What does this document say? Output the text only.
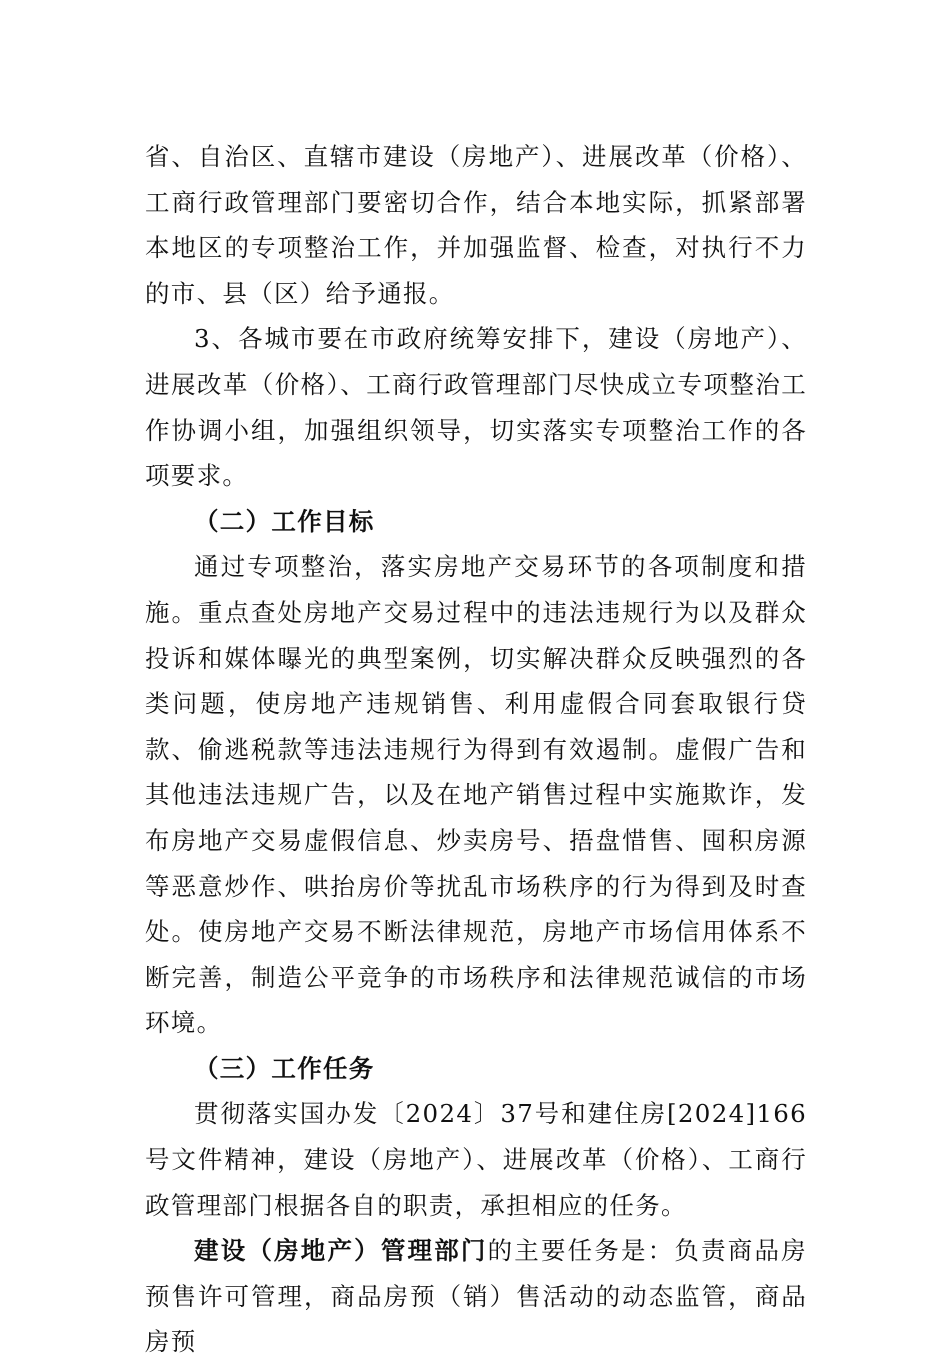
省、自治区、直辖市建设（房地产）、进展改革（价格）、工商行政管理部门要密切合作，结合本地实际，抓紧部署本地区的专项整治工作，并加强监督、检查，对执行不力的市、县（区）给予通报。

3、各城市要在市政府统筹安排下，建设（房地产）、进展改革（价格）、工商行政管理部门尽快成立专项整治工作协调小组，加强组织领导，切实落实专项整治工作的各项要求。

（二）工作目标

通过专项整治，落实房地产交易环节的各项制度和措施。重点查处房地产交易过程中的违法违规行为以及群众投诉和媒体曝光的典型案例，切实解决群众反映强烈的各类问题，使房地产违规销售、利用虚假合同套取银行贷款、偷逃税款等违法违规行为得到有效遏制。虚假广告和其他违法违规广告，以及在地产销售过程中实施欺诈，发布房地产交易虚假信息、炒卖房号、捂盘惜售、囤积房源等恶意炒作、哄抬房价等扰乱市场秩序的行为得到及时查处。使房地产交易不断法律规范，房地产市场信用体系不断完善，制造公平竞争的市场秩序和法律规范诚信的市场环境。

（三）工作任务

贯彻落实国办发〔2024〕37号和建住房[2024]166号文件精神，建设（房地产）、进展改革（价格）、工商行政管理部门根据各自的职责，承担相应的任务。

建设（房地产）管理部门的主要任务是：负责商品房预售许可管理，商品房预（销）售活动的动态监管，商品房预
